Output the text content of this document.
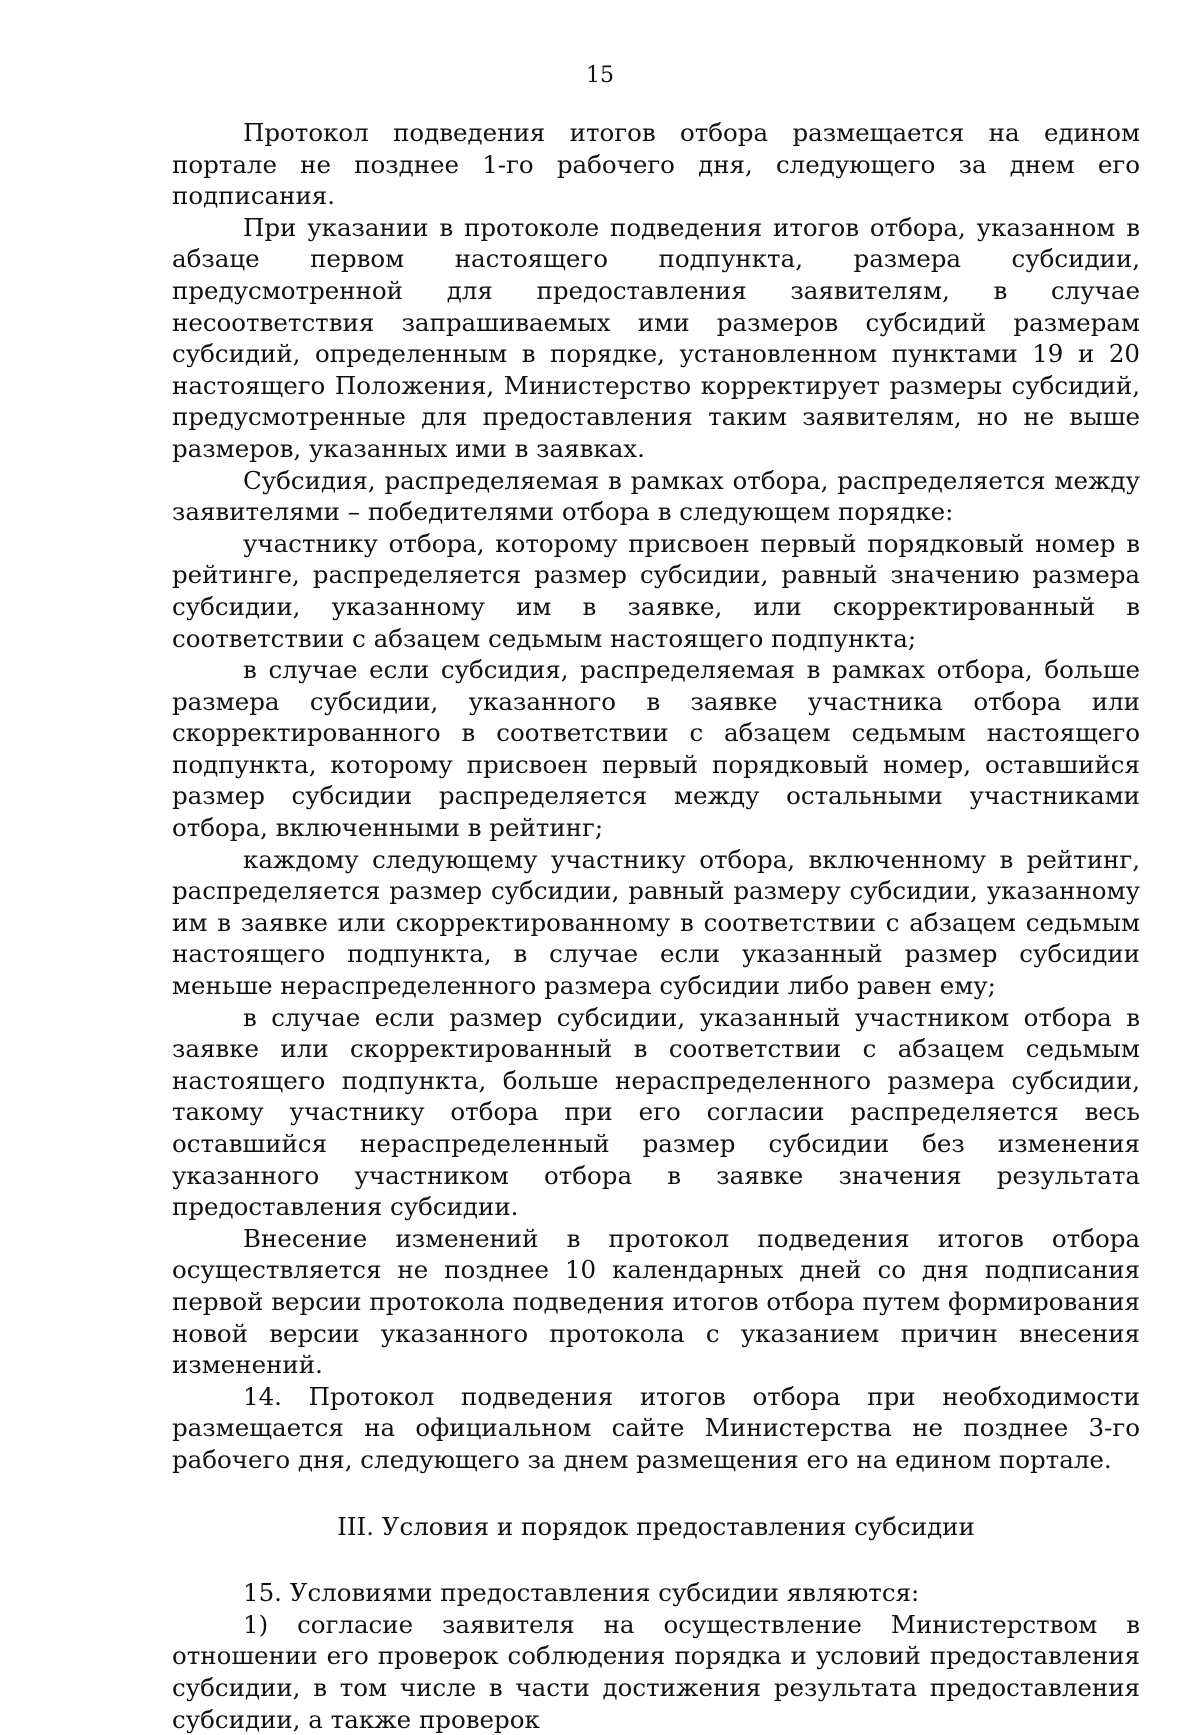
15

Протокол подведения итогов отбора размещается на едином портале не позднее 1-го рабочего дня, следующего за днем его подписания.

При указании в протоколе подведения итогов отбора, указанном в абзаце первом настоящего подпункта, размера субсидии, предусмотренной для предоставления заявителям, в случае несоответствия запрашиваемых ими размеров субсидий размерам субсидий, определенным в порядке, установленном пунктами 19 и 20 настоящего Положения, Министерство корректирует размеры субсидий, предусмотренные для предоставления таким заявителям, но не выше размеров, указанных ими в заявках.

Субсидия, распределяемая в рамках отбора, распределяется между заявителями – победителями отбора в следующем порядке:

участнику отбора, которому присвоен первый порядковый номер в рейтинге, распределяется размер субсидии, равный значению размера субсидии, указанному им в заявке, или скорректированный в соответствии с абзацем седьмым настоящего подпункта;

в случае если субсидия, распределяемая в рамках отбора, больше размера субсидии, указанного в заявке участника отбора или скорректированного в соответствии с абзацем седьмым настоящего подпункта, которому присвоен первый порядковый номер, оставшийся размер субсидии распределяется между остальными участниками отбора, включенными в рейтинг;

каждому следующему участнику отбора, включенному в рейтинг, распределяется размер субсидии, равный размеру субсидии, указанному им в заявке или скорректированному в соответствии с абзацем седьмым настоящего подпункта, в случае если указанный размер субсидии меньше нераспределенного размера субсидии либо равен ему;

в случае если размер субсидии, указанный участником отбора в заявке или скорректированный в соответствии с абзацем седьмым настоящего подпункта, больше нераспределенного размера субсидии, такому участнику отбора при его согласии распределяется весь оставшийся нераспределенный размер субсидии без изменения указанного участником отбора в заявке значения результата предоставления субсидии.

Внесение изменений в протокол подведения итогов отбора осуществляется не позднее 10 календарных дней со дня подписания первой версии протокола подведения итогов отбора путем формирования новой версии указанного протокола с указанием причин внесения изменений.

14. Протокол подведения итогов отбора при необходимости размещается на официальном сайте Министерства не позднее 3-го рабочего дня, следующего за днем размещения его на едином портале.

III. Условия и порядок предоставления субсидии

15. Условиями предоставления субсидии являются:

1) согласие заявителя на осуществление Министерством в отношении его проверок соблюдения порядка и условий предоставления субсидии, в том числе в части достижения результата предоставления субсидии, а также проверок
